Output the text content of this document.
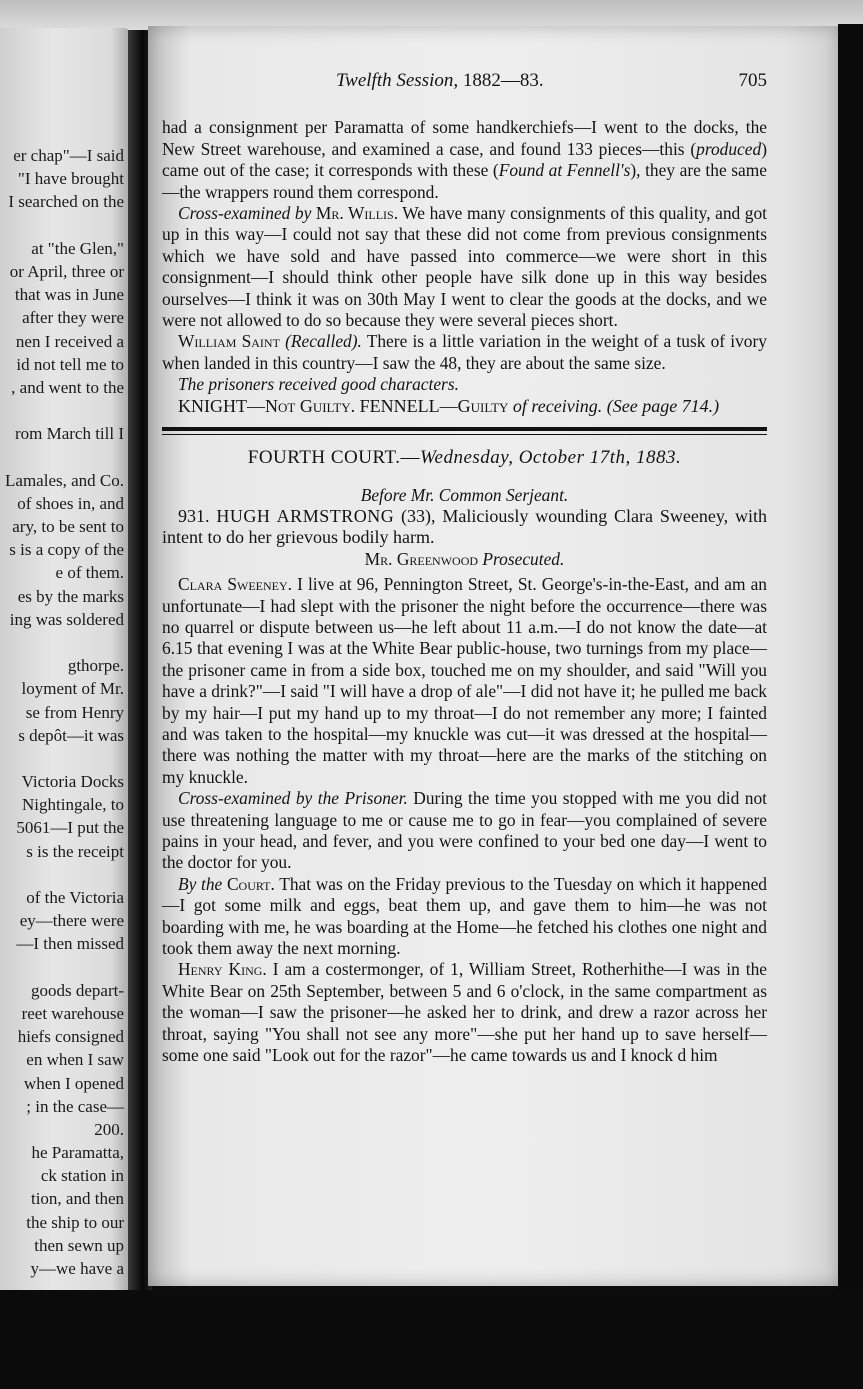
er chap"—I said
"I have brought
I searched on the

at "the Glen,"
or April, three or
that was in June
after they were
nen I received a
id not tell me to
, and went to the

rom March till I

Lamales, and Co.
of shoes in, and
ary, to be sent to
s is a copy of the
e of them.
es by the marks
ing was soldered

gthorpe.
loyment of Mr.
se from Henry
s depôt—it was

Victoria Docks
Nightingale, to
5061—I put the
s is the receipt

of the Victoria
ey—there were
—I then missed

goods depart-
reet warehouse
hiefs consigned
en when I saw
when I opened
; in the case—
200.
he Paramatta,
ck station in
tion, and then
the ship to our
then sewn up
y—we have a

Twelfth Session, 1882—83.	705

had a consignment per Paramatta of some handkerchiefs—I went to the docks, the New Street warehouse, and examined a case, and found 133 pieces—this (produced) came out of the case; it corresponds with these (Found at Fennell's), they are the same—the wrappers round them correspond.

Cross-examined by Mr. Willis. We have many consignments of this quality, and got up in this way—I could not say that these did not come from previous consignments which we have sold and have passed into commerce—we were short in this consignment—I should think other people have silk done up in this way besides ourselves—I think it was on 30th May I went to clear the goods at the docks, and we were not allowed to do so because they were several pieces short.

William Saint (Recalled). There is a little variation in the weight of a tusk of ivory when landed in this country—I saw the 48, they are about the same size.

The prisoners received good characters.

KNIGHT—Not Guilty. FENNELL—Guilty of receiving. (See page 714.)

FOURTH COURT.—Wednesday, October 17th, 1883.

Before Mr. Common Serjeant.

931. HUGH ARMSTRONG (33), Maliciously wounding Clara Sweeney, with intent to do her grievous bodily harm.

Mr. Greenwood Prosecuted.

Clara Sweeney. I live at 96, Pennington Street, St. George's-in-the-East, and am an unfortunate—I had slept with the prisoner the night before the occurrence—there was no quarrel or dispute between us—he left about 11 a.m.—I do not know the date—at 6.15 that evening I was at the White Bear public-house, two turnings from my place—the prisoner came in from a side box, touched me on my shoulder, and said "Will you have a drink?"—I said "I will have a drop of ale"—I did not have it; he pulled me back by my hair—I put my hand up to my throat—I do not remember any more; I fainted and was taken to the hospital—my knuckle was cut—it was dressed at the hospital—there was nothing the matter with my throat—here are the marks of the stitching on my knuckle.

Cross-examined by the Prisoner. During the time you stopped with me you did not use threatening language to me or cause me to go in fear—you complained of severe pains in your head, and fever, and you were confined to your bed one day—I went to the doctor for you.

By the Court. That was on the Friday previous to the Tuesday on which it happened—I got some milk and eggs, beat them up, and gave them to him—he was not boarding with me, he was boarding at the Home—he fetched his clothes one night and took them away the next morning.

Henry King. I am a costermonger, of 1, William Street, Rotherhithe—I was in the White Bear on 25th September, between 5 and 6 o'clock, in the same compartment as the woman—I saw the prisoner—he asked her to drink, and drew a razor across her throat, saying "You shall not see any more"—she put her hand up to save herself—some one said "Look out for the razor"—he came towards us and I knock d him
